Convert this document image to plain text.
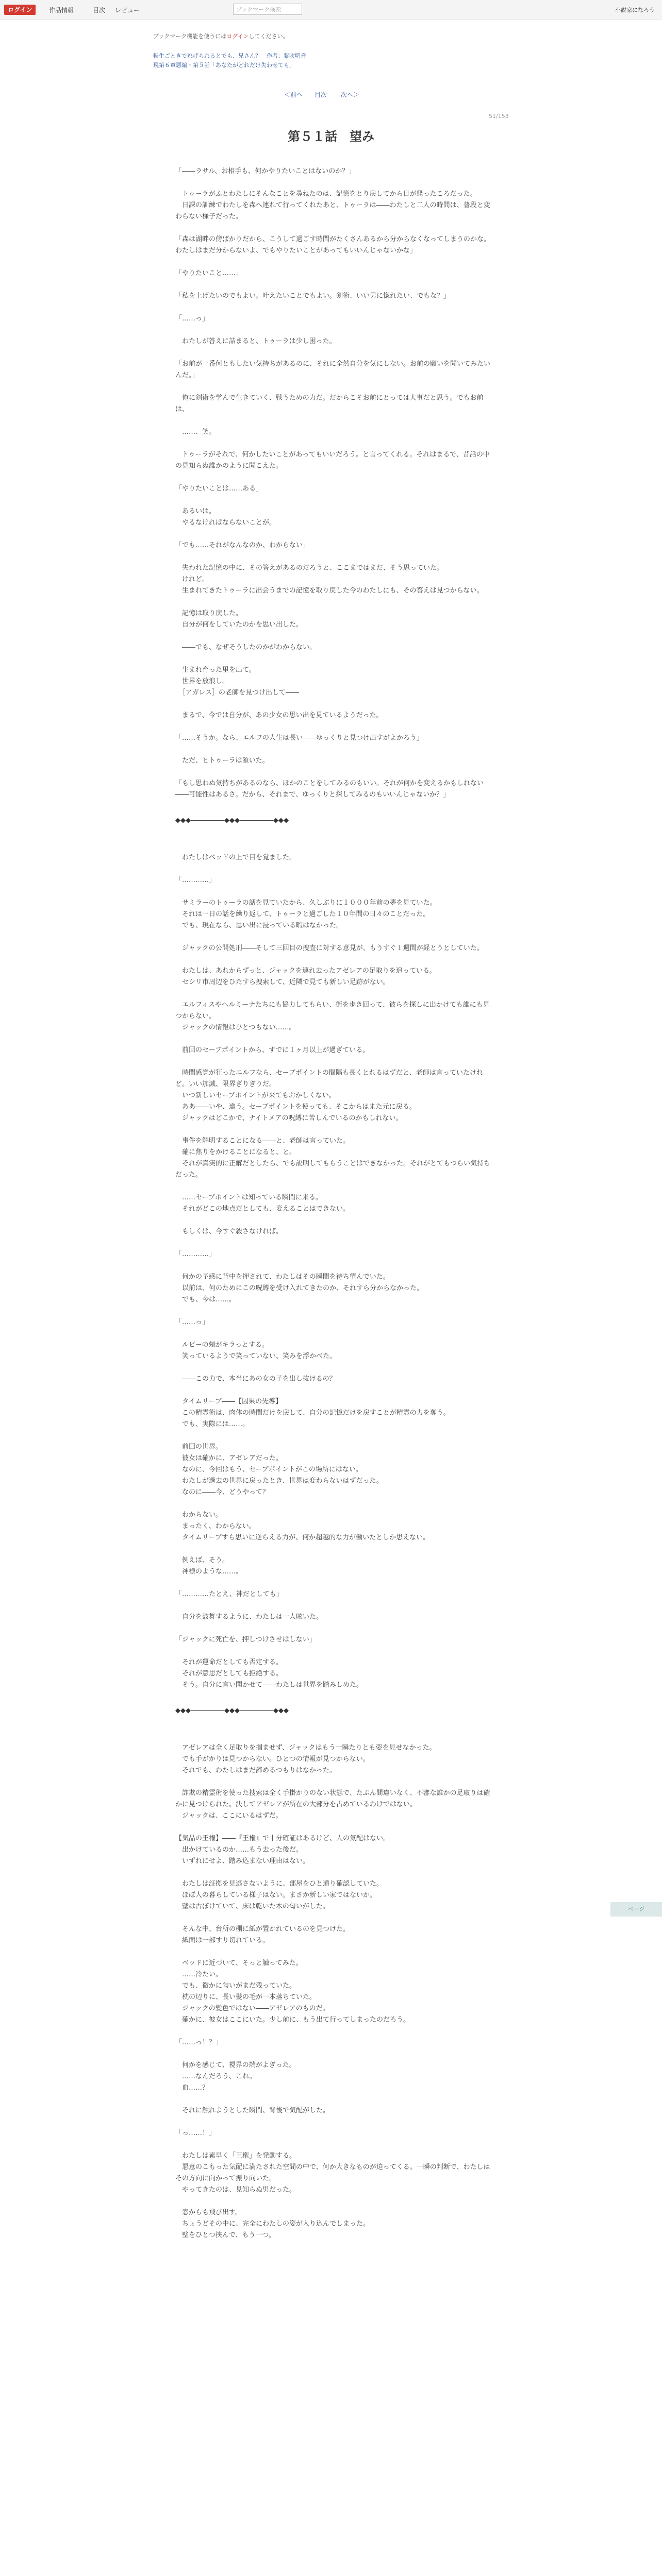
ログイン	作品情報	目次 レビュー	ブックマーク検索	小説家になろう
ブックマーク機能を使うにはログインしてください。
転生ごときで逃げられるとでも、兄さん？　作者：紫吹明音
現第６章悪編・第５話「あなたがどれだけ失わせても」
＜前へ 目次 次へ＞
51/153
第５１話　望み
「――ラサル、お相手も、何かやりたいことはないのか？」
　トゥーラがふとわたしにそんなことを尋ねたのは、記憶をとり戻してから日が経ったころだった。
　日課の訓練でわたしを森へ連れて行ってくれたあと、トゥーラは――わたしと二人の時間は、普段と変わらない様子だった。
「森は湖畔の傍ばかりだから、こうして過ごす時間がたくさんあるから分からなくなってしまうのかな。わたしはまだ分からないよ、でもやりたいことがあってもいいんじゃないかな」
「やりたいこと……」
「私を上げたいのでもよい。叶えたいことでもよい。剣術、いい男に惚れたい、でもな？」
「……っ」
　わたしが答えに詰まると、トゥーラは少し困った。
「お前が一番何ともしたい気持ちがあるのに、それに全然自分を気にしない。お前の願いを聞いてみたいんだ。」
　俺に剣術を学んで生きていく、戦うための力だ。だからこそお前にとっては大事だと思う。でもお前は、
　……、笑。
　トゥーラがそれで、何かしたいことがあってもいいだろう。と言ってくれる。それはまるで、昔話の中の見知らぬ誰かのように聞こえた。
「やりたいことは……ある」
　あるいは。
　やるなければならないことが。
「でも……それがなんなのか、わからない」
　失われた記憶の中に、その答えがあるのだろうと、ここまではまだ、そう思っていた。
　けれど。
　生まれてきたトゥーラに出会うまでの記憶を取り戻した今のわたしにも、その答えは見つからない。
　記憶は取り戻した。
　自分が何をしていたのかを思い出した。
　――でも、なぜそうしたのかがわからない。
　生まれ育った里を出て。
　世界を放浪し。
　［アガレス］の老師を見つけ出して――
　まるで、今では自分が、あの少女の思い出を見ているようだった。
「……そうか。なら、エルフの人生は長い――ゆっくりと見つけ出すがよかろう」
　ただ、ヒトゥーラは頷いた。
「もし思わぬ気持ちがあるのなら、ほかのことをしてみるのもいい。それが何かを変えるかもしれない――可能性はあるさ。だから、それまで、ゆっくりと探してみるのもいいんじゃないか？」
◆◆◆―――――◆◆◆―――――◆◆◆
　わたしはベッドの上で目を覚ました。
「…………」
　サミラーのトゥーラの話を見ていたから、久しぶりに１０００年前の夢を見ていた。
　それは一日の話を繰り返して、トゥーラと過ごした１０年間の日々のことだった。
　でも、現在なら、思い出に浸っている暇はなかった。
　ジャックの公開処刑――そして三回目の捜査に対する意見が、もうすぐ１週間が経とうとしていた。
　わたしは、あれからずっと、ジャックを連れ去ったアゼレアの足取りを追っている。
　セシリ市周辺をひたすら捜索して、近隣で見ても新しい足跡がない。
　エルフィスやヘルミーナたちにも協力してもらい、街を歩き回って、彼らを探しに出かけても誰にも見つからない。
　ジャックの情報はひとつもない……。
　前回のセーブポイントから、すでに１ヶ月以上が過ぎている。
　時間感覚が狂ったエルフなら、セーブポイントの間隔も長くとれるはずだと、老師は言っていたけれど。いい加減、限界ぎりぎりだ。
　いつ新しいセーブポイントが来てもおかしくない。
　ああ――いや、違う。セーブポイントを使っても、そこからはまた元に戻る。
　ジャックはどこかで、ナイトメアの呪縛に苦しんでいるのかもしれない。
　事件を解明することになる――と、老師は言っていた。
　確に焦りをかけることになると、と。
　それが真実的に正解だとしたら、でも説明してもらうことはできなかった。それがとてもつらい気持ちだった。
　……セーブポイントは知っている瞬間に来る。
　それがどこの地点だとしても、変えることはできない。
　もしくは、今すぐ殺さなければ。
「…………」
　何かの予感に背中を押されて、わたしはその瞬間を待ち望んでいた。
　以前は、何のためにこの呪縛を受け入れてきたのか、それすら分からなかった。
　でも、今は……。
「……っ」
　ルビーの頬がキラっとする。
　笑っているようで笑っていない、笑みを浮かべた。
　――この力で、本当にあの女の子を出し抜けるの？
　タイムリープ――【因果の先導】
　この精霊術は、肉体の時間だけを戻して、自分の記憶だけを戻すことが精霊の力を奪う。
　でも、実際には……。
　前回の世界。
　彼女は確かに、アゼレアだった。
　なのに、今回はもう、セーブポイントがこの場所にはない。
　わたしが過去の世界に戻ったとき、世界は変わらないはずだった。
　なのに――今、どうやって？
　わからない。
　まったく、わからない。
　タイムリープすら思いに逆らえる力が、何か超越的な力が働いたとしか思えない。
　例えば、そう。
　神様のような……。
「…………たとえ、神だとしても」
　自分を鼓舞するように、わたしは一人呟いた。
「ジャックに死亡を、押しつけさせはしない」
　それが運命だとしても否定する。
　それが意思だとしても拒絶する。
　そう。自分に言い聞かせて――わたしは世界を踏みしめた。
◆◆◆―――――◆◆◆―――――◆◆◆
　アゼレアは全く足取りを掴ませず、ジャックはもう一瞬たりとも姿を見せなかった。
　でも手がかりは見つからない。ひとつの情報が見つからない。
　それでも、わたしはまだ諦めるつもりはなかった。
　詐欺の精霊術を使った捜索は全く手掛かりのない状態で、たぶん間違いなく、不審な誰かの足取りは確かに見つけられた。決してアゼレアが所在の大部分を占めているわけではない。
　ジャックは、ここにいるはずだ。
【気品の王権】――『王権』で十分確証はあるけど、人の気配はない。
　出かけているのか……もう去った後だ。
　いずれにせよ、踏み込まない理由はない。
　わたしは証拠を見逃さないように、部屋をひと通り確認していた。
　ほぼ人の暮らしている様子はない。まさか新しい家ではないか。
　壁は古ぼけていて、床は乾いた木の匂いがした。
　そんな中、台所の棚に紙が置かれているのを見つけた。
　紙面は一部すり切れている。
　ベッドに近づいて、そっと触ってみた。
　……冷たい。
　でも、微かに匂いがまだ残っていた。
　枕の辺りに、長い髪の毛が一本落ちていた。
　ジャックの髪色ではない――アゼレアのものだ。
　確かに、彼女はここにいた。少し前に、もう出て行ってしまったのだろう。
「……っ！？」
　何かを感じて、視界の端がよぎった。
　……なんだろう、これ。
　血……？
　それに触れようとした瞬間、背後で気配がした。
「っ……！」
　わたしは素早く「王権」を発動する。
　悪意のこもった気配に満たされた空間の中で、何か大きなものが迫ってくる。一瞬の判断で、わたしはその方向に向かって振り向いた。
　やってきたのは、見知らぬ男だった。
　窓からも飛び出す。
　ちょうどその中に、完全にわたしの姿が入り込んでしまった。
　壁をひとつ挟んで、もう一つ。
ページ
